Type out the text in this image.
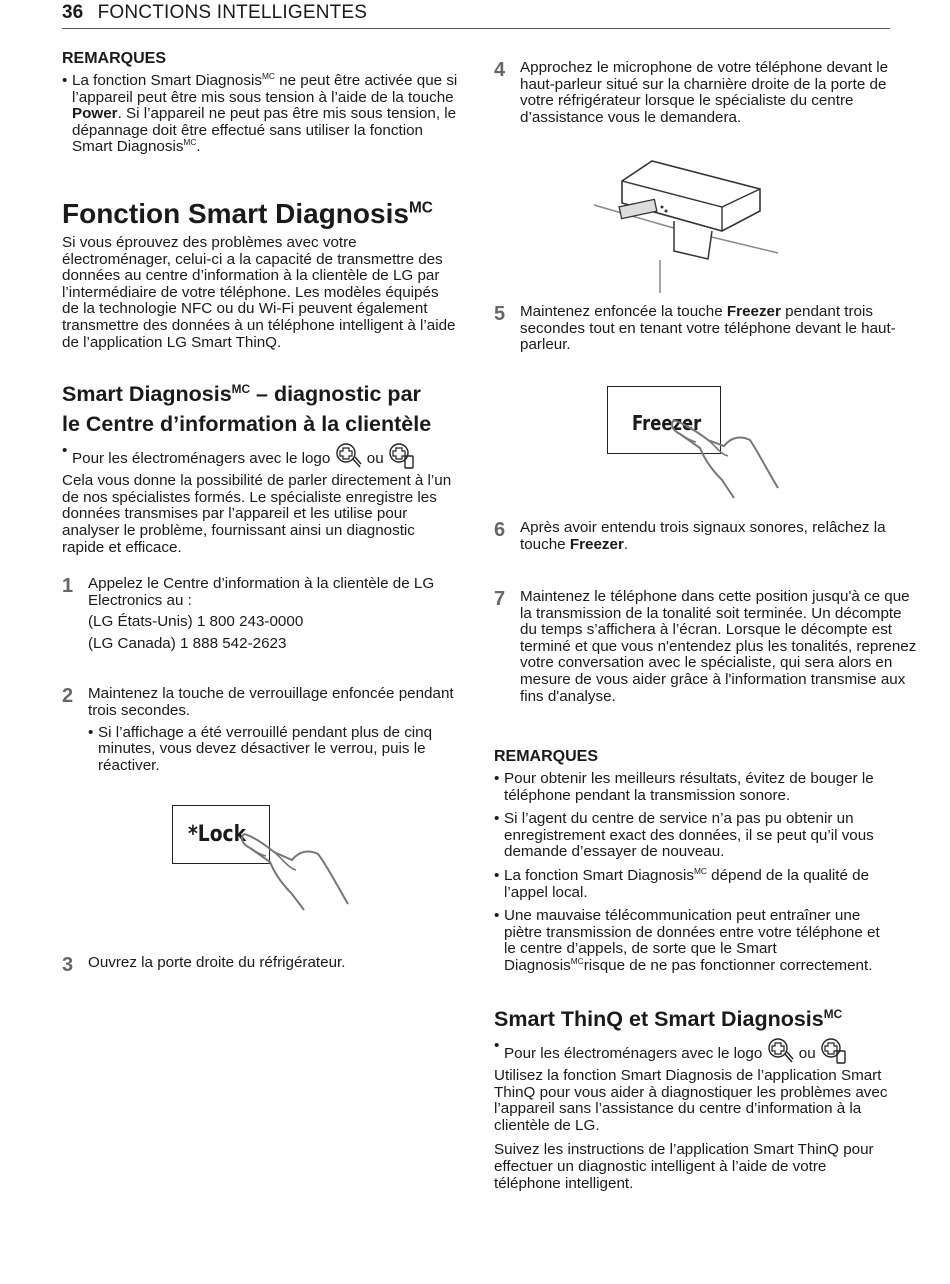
36 FONCTIONS INTELLIGENTES
REMARQUES
• La fonction Smart Diagnosis$^{MC}$ ne peut être activée que si l’appareil peut être mis sous tension à l’aide de la touche Power. Si l’appareil ne peut pas être mis sous tension, le dépannage doit être effectué sans utiliser la fonction Smart Diagnosis$^{MC}$.
Fonction Smart Diagnosis$^{MC}$

Si vous éprouvez des problèmes avec votre électroménager, celui-ci a la capacité de transmettre des données au centre d’information à la clientèle de LG par l’intermédiaire de votre téléphone. Les modèles équipés de la technologie NFC ou du Wi-Fi peuvent également transmettre des données à un téléphone intelligent à l’aide de l’application LG Smart ThinQ.

Smart Diagnosis$^{MC}$ – diagnostic par
le Centre d’information à la clientèle
• Pour les électroménagers avec le logo  ou

Cela vous donne la possibilité de parler directement à l’un de nos spécialistes formés. Le spécialiste enregistre les données transmises par l’appareil et les utilise pour analyser le problème, fournissant ainsi un diagnostic rapide et efficace.

1 Appelez le Centre d’information à la clientèle de LG Electronics au :

(LG États-Unis) 1 800 243-0000

(LG Canada) 1 888 542-2623

2 Maintenez la touche de verrouillage enfoncée pendant trois secondes.

• Si l’affichage a été verrouillé pendant plus de cinq minutes, vous devez désactiver le verrou, puis le réactiver.
3 Ouvrez la porte droite du réfrigérateur.

*Lock
4 Approchez le microphone de votre téléphone devant le haut-parleur situé sur la charnière droite de la porte de votre réfrigérateur lorsque le spécialiste du centre d’assistance vous le demandera.

5 Maintenez enfoncée la touche Freezer pendant trois secondes tout en tenant votre téléphone devant le haut-parleur.

6 Après avoir entendu trois signaux sonores, relâchez la touche Freezer.

7 Maintenez le téléphone dans cette position jusqu'à ce que la transmission de la tonalité soit terminée. Un décompte du temps s’affichera à l’écran. Lorsque le décompte est terminé et que vous n'entendez plus les tonalités, reprenez votre conversation avec le spécialiste, qui sera alors en mesure de vous aider grâce à l'information transmise aux fins d'analyse.

REMARQUES
• Pour obtenir les meilleurs résultats, évitez de bouger le téléphone pendant la transmission sonore.
• Si l’agent du centre de service n’a pas pu obtenir un enregistrement exact des données, il se peut qu’il vous demande d’essayer de nouveau.
• La fonction Smart Diagnosis$^{MC}$ dépend de la qualité de l’appel local.
• Une mauvaise télécommunication peut entraîner une piètre transmission de données entre votre téléphone et le centre d’appels, de sorte que le Smart Diagnosis$^{MC}$risque de ne pas fonctionner correctement.
Smart ThinQ et Smart Diagnosis$^{MC}$
• Pour les électroménagers avec le logo  ou

Utilisez la fonction Smart Diagnosis de l’application Smart ThinQ pour vous aider à diagnostiquer les problèmes avec l’appareil sans l’assistance du centre d’information à la clientèle de LG.

Suivez les instructions de l’application Smart ThinQ pour effectuer un diagnostic intelligent à l’aide de votre téléphone intelligent.

Freezer
